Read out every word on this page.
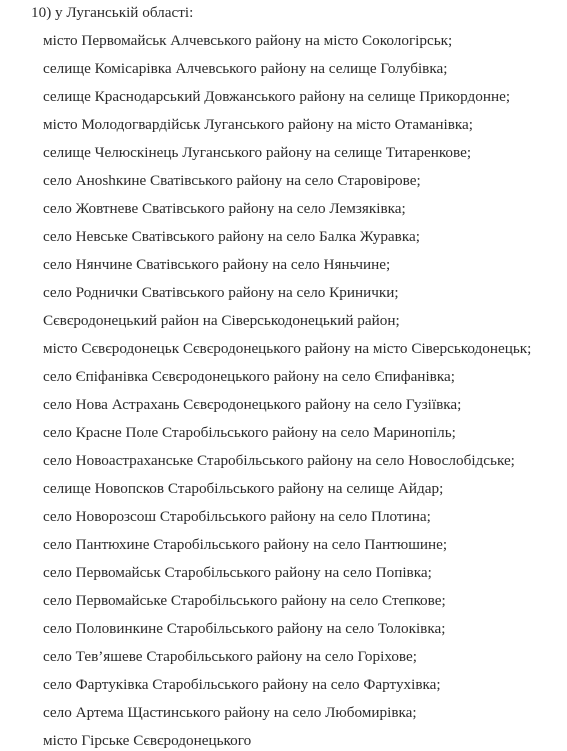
10) у Луганській області:
місто Первомайськ Алчевського району на місто Сокологірськ;
селище Комісарівка Алчевського району на селище Голубівка;
селище Краснодарський Довжанського району на селище Прикордонне;
місто Молодогвардійськ Луганського району на місто Отаманівка;
селище Челюскінець Луганського району на селище Титаренкове;
село Аноshкине Сватівського району на село Старовірове;
село Жовтневе Сватівського району на село Лемзяківка;
село Невське Сватівського району на село Балка Журавка;
село Нянчине Сватівського району на село Няньчине;
село Роднички Сватівського району на село Кринички;
Сєвєродонецький район на Сіверськодонецький район;
місто Сєвєродонецьк Сєвєродонецького району на місто Сіверськодонецьк;
село Єпіфанівка Сєвєродонецького району на село Єпифанівка;
село Нова Астрахань Сєвєродонецького району на село Гузіївка;
село Красне Поле Старобільського району на село Маринопіль;
село Новоастраханське Старобільського району на село Новослобідське;
селище Новопсков Старобільського району на селище Айдар;
село Новорозсош Старобільського району на село Плотина;
село Пантюхине Старобільського району на село Пантюшине;
село Первомайськ Старобільського району на село Попівка;
село Первомайське Старобільського району на село Степкове;
село Половинкине Старобільського району на село Толоківка;
село Тев’яшеве Старобільського району на село Горіхове;
село Фартуківка Старобільського району на село Фартухівка;
село Артема Щастинського району на село Любомирівка;
місто Гірське Сєвєродонецького
